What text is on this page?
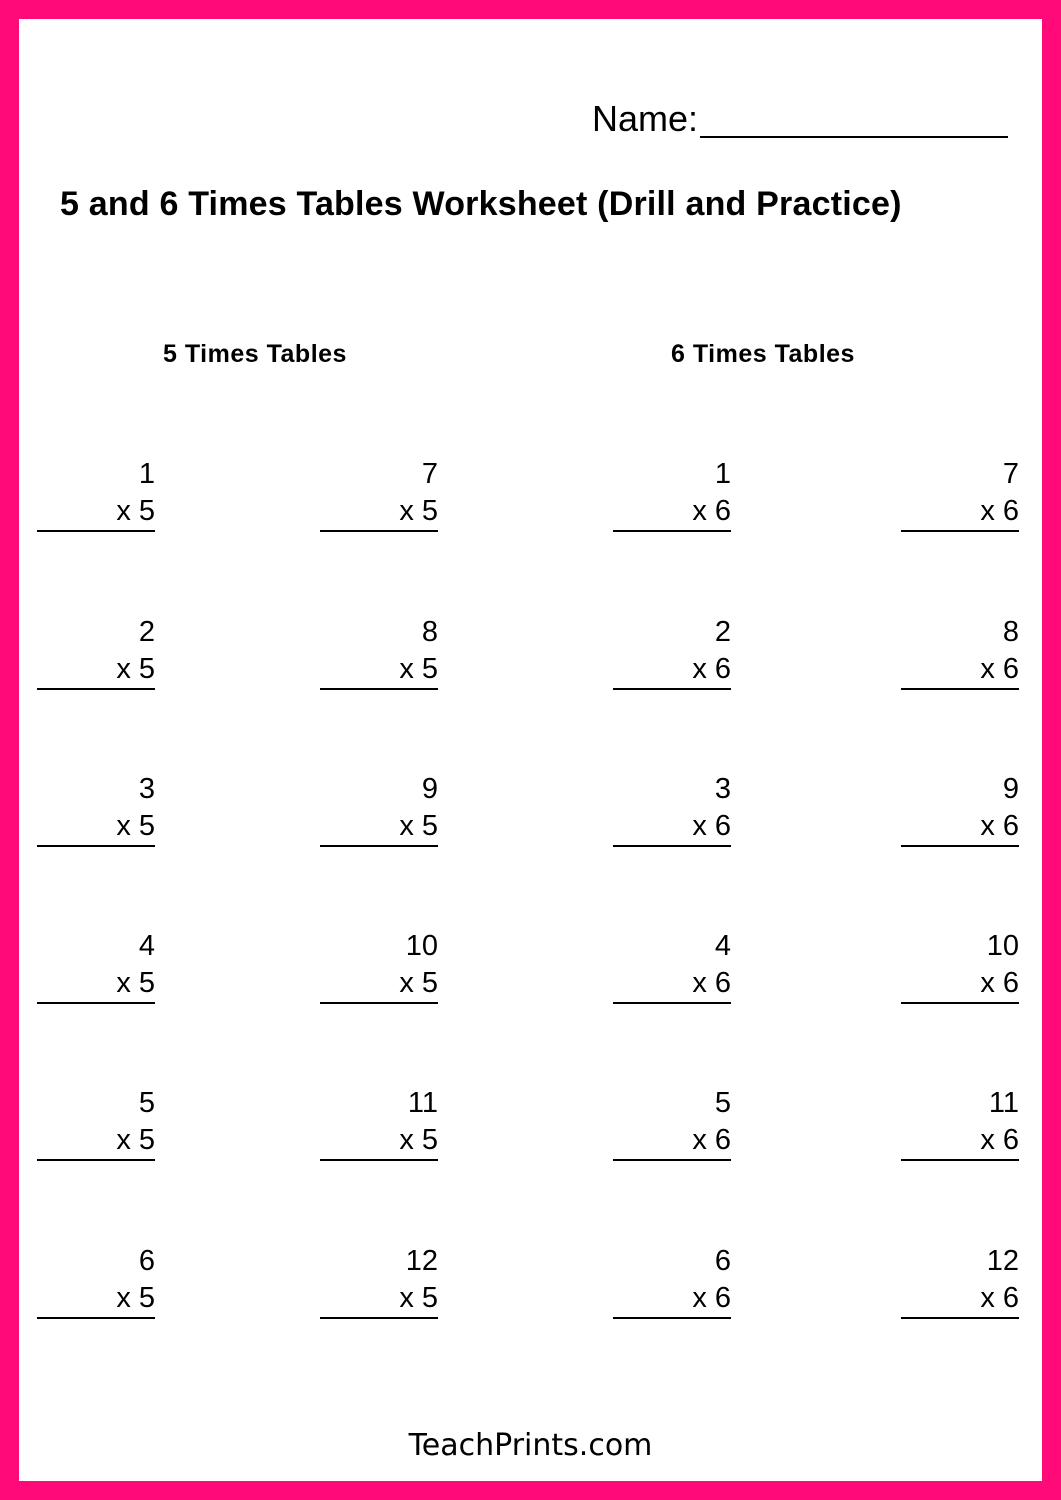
Name:
5 and 6 Times Tables Worksheet (Drill and Practice)
5 Times Tables	6 Times Tables
1
x 5
2
x 5
3
x 5
4
x 5
5
x 5
6
x 5
7
x 5
8
x 5
9
x 5
10
x 5
11
x 5
12
x 5
1
x 6
2
x 6
3
x 6
4
x 6
5
x 6
6
x 6
7
x 6
8
x 6
9
x 6
10
x 6
11
x 6
12
x 6
TeachPrints.com
